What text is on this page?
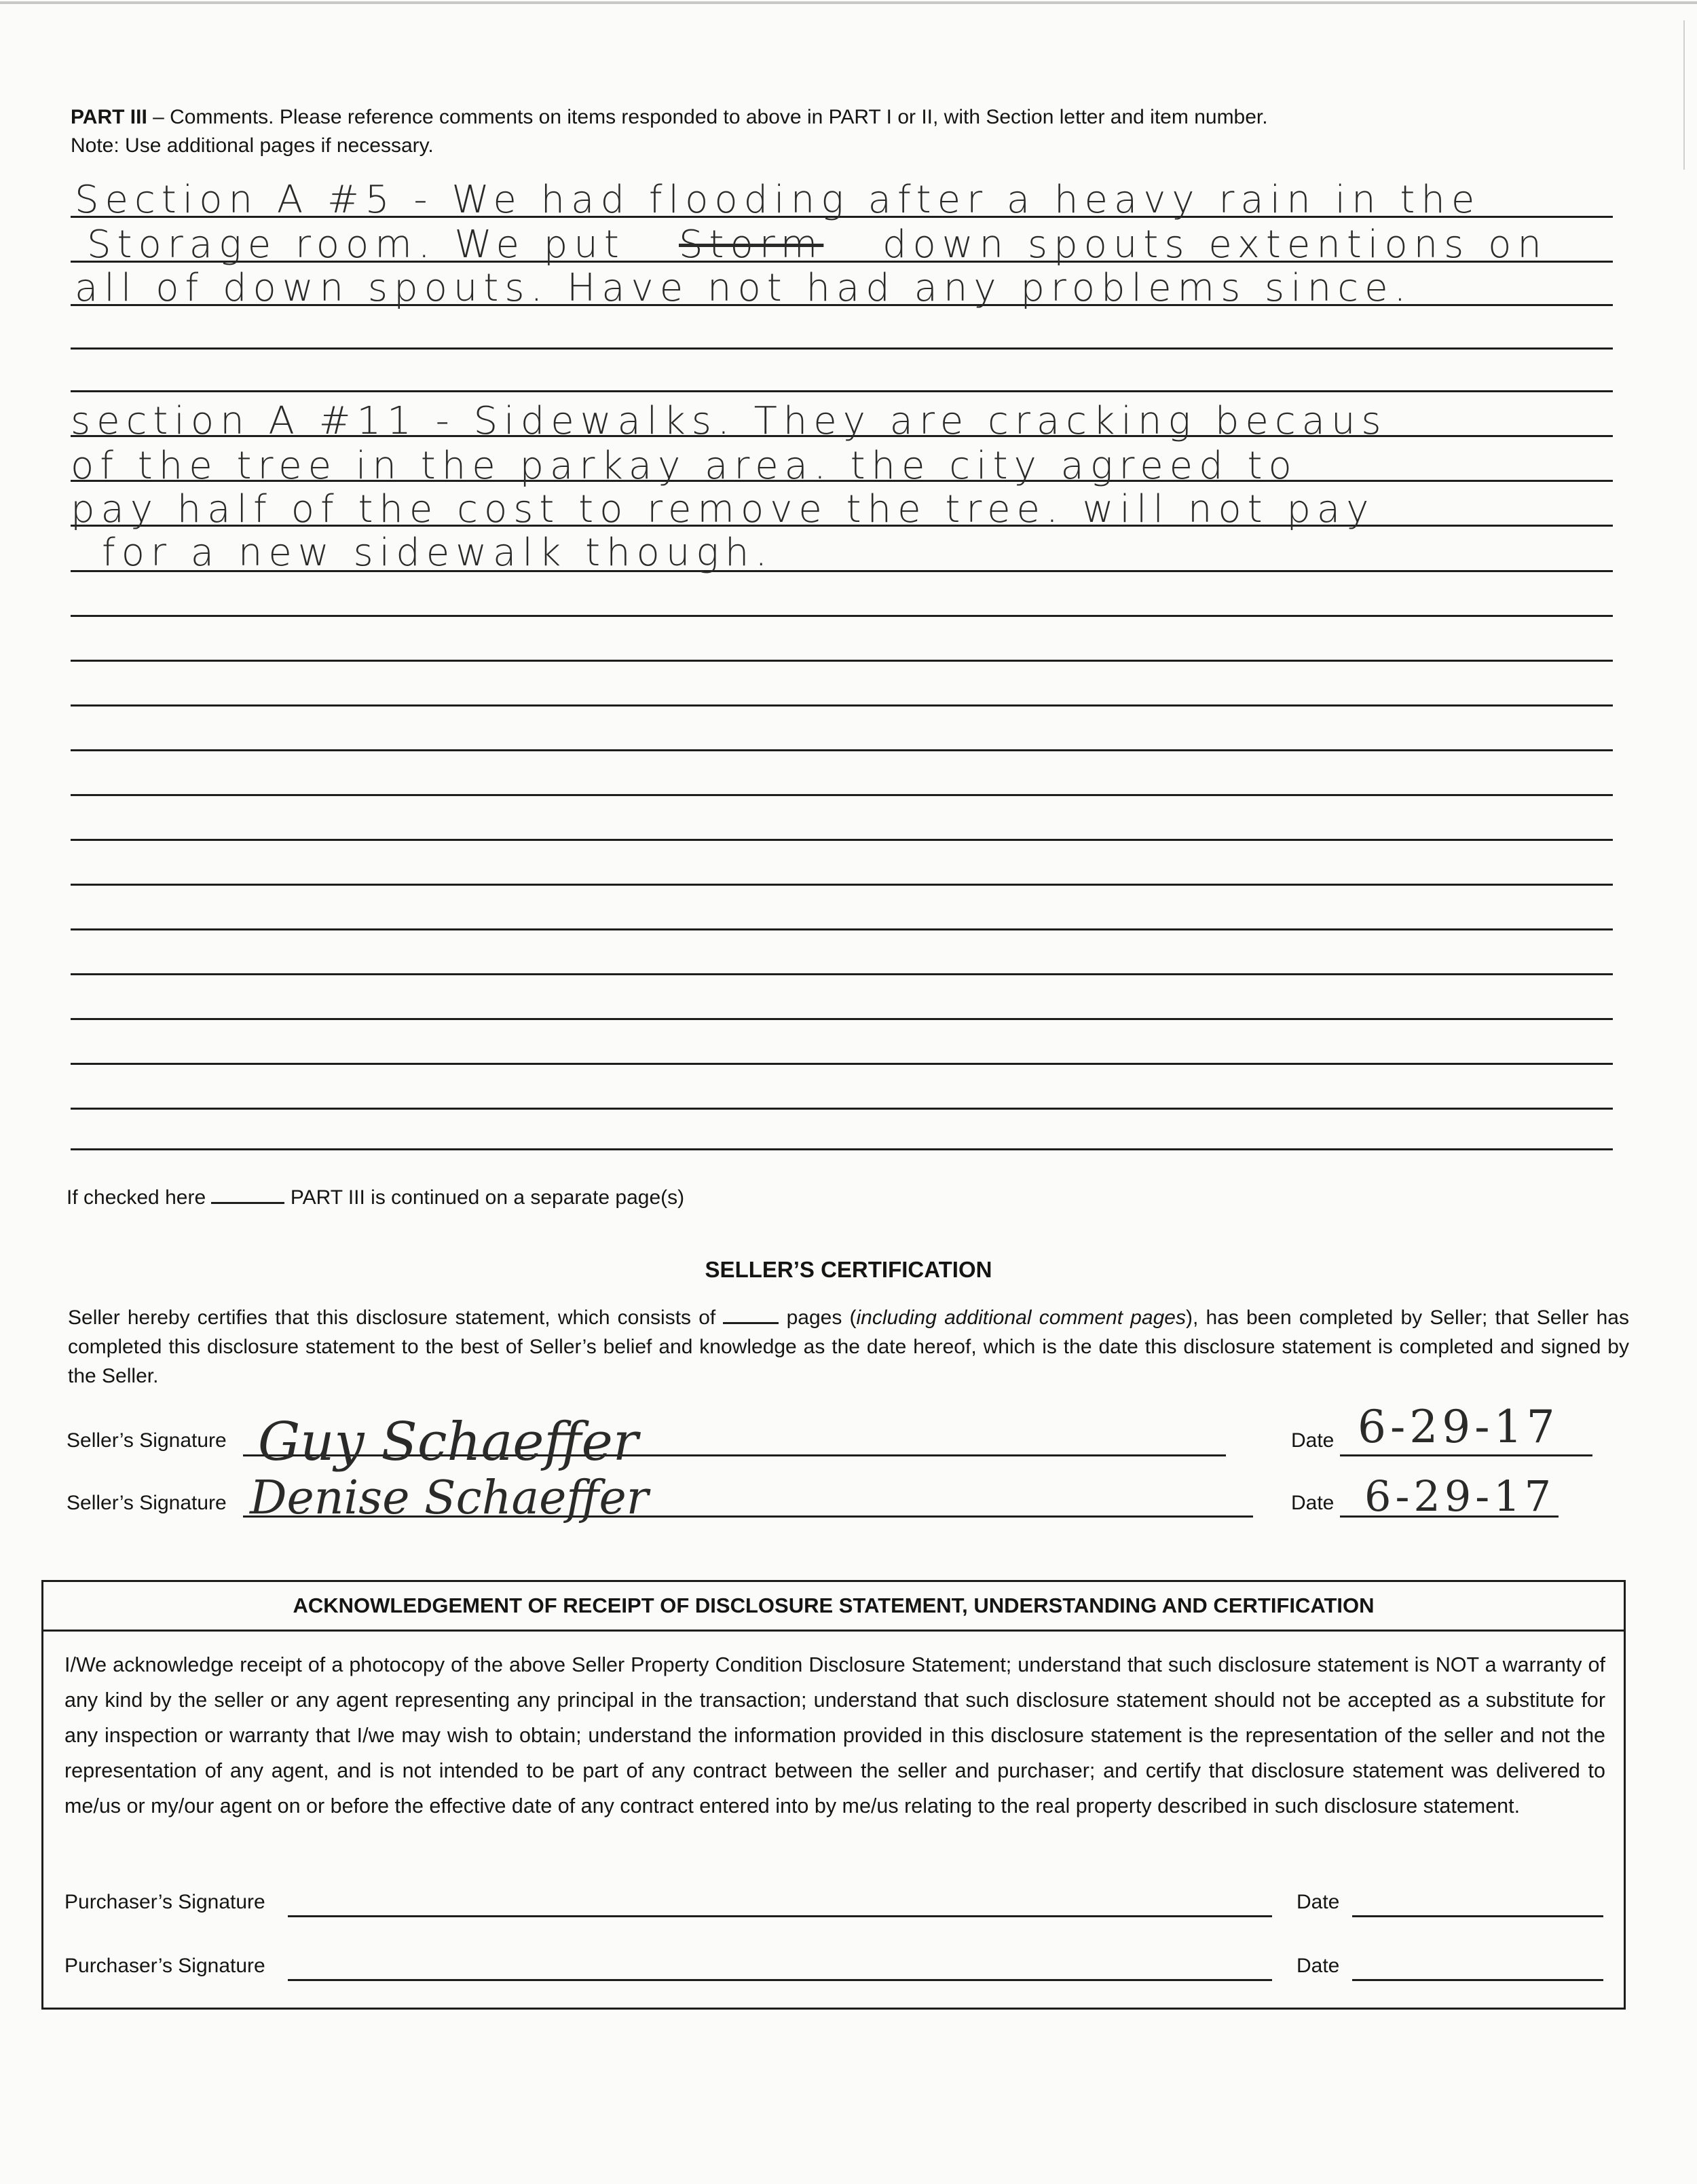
PART III – Comments. Please reference comments on items responded to above in PART I or II, with Section letter and item number.
Note: Use additional pages if necessary.
Section A #5 - We had flooding after a heavy rain in the
Storage room. We put Storm down spouts extentions on
all of down spouts. Have not had any problems since.
section A #11 - Sidewalks. They are cracking becaus
of the tree in the parkay area. the city agreed to
pay half of the cost to remove the tree. will not pay
for a new sidewalk though.
If checked here	PART III is continued on a separate page(s)
SELLER’S CERTIFICATION
Seller hereby certifies that this disclosure statement, which consists of	pages (including additional comment pages), has been completed by Seller; that Seller has completed this disclosure statement to the best of Seller’s belief and knowledge as the date hereof, which is the date this disclosure statement is completed and signed by the Seller.
Seller’s Signature Guy Schaeffer	Date 6-29-17
Seller’s Signature Denise Schaeffer	Date 6-29-17
ACKNOWLEDGEMENT OF RECEIPT OF DISCLOSURE STATEMENT, UNDERSTANDING AND CERTIFICATION
I/We acknowledge receipt of a photocopy of the above Seller Property Condition Disclosure Statement; understand that such disclosure statement is NOT a warranty of any kind by the seller or any agent representing any principal in the transaction; understand that such disclosure statement should not be accepted as a substitute for any inspection or warranty that I/we may wish to obtain; understand the information provided in this disclosure statement is the representation of the seller and not the representation of any agent, and is not intended to be part of any contract between the seller and purchaser; and certify that disclosure statement was delivered to me/us or my/our agent on or before the effective date of any contract entered into by me/us relating to the real property described in such disclosure statement.
Purchaser’s Signature	Date
Purchaser’s Signature	Date
